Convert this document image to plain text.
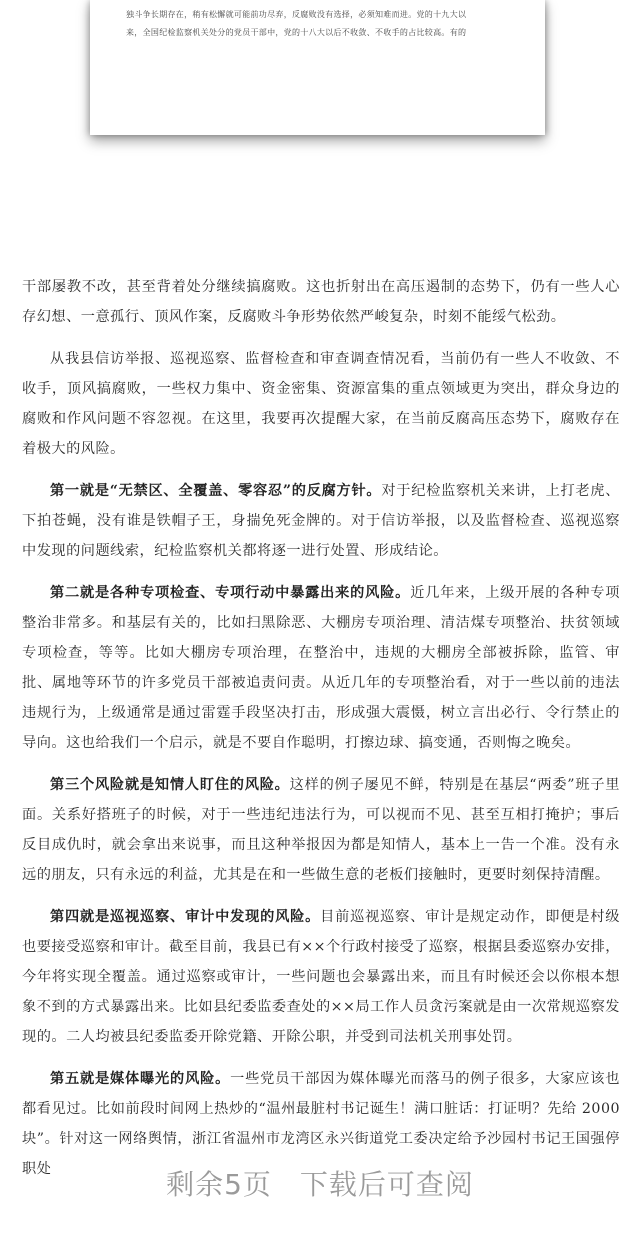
独斗争长期存在，稍有松懈就可能前功尽弃，反腐败没有选择，必须知难而进。党的十九大以

来，全国纪检监察机关处分的党员干部中，党的十八大以后不收敛、不收手的占比较高。有的

干部屡教不改，甚至背着处分继续搞腐败。这也折射出在高压遏制的态势下，仍有一些人心存幻想、一意孤行、顶风作案，反腐败斗争形势依然严峻复杂，时刻不能绥气松劲。

从我县信访举报、巡视巡察、监督检查和审查调查情况看，当前仍有一些人不收敛、不收手，顶风搞腐败，一些权力集中、资金密集、资源富集的重点领域更为突出，群众身边的腐败和作风问题不容忽视。在这里，我要再次提醒大家，在当前反腐高压态势下，腐败存在着极大的风险。

第一就是“无禁区、全覆盖、零容忍”的反腐方针。对于纪检监察机关来讲，上打老虎、下拍苍蝇，没有谁是铁帽子王，身揣免死金牌的。对于信访举报，以及监督检查、巡视巡察中发现的问题线索，纪检监察机关都将逐一进行处置、形成结论。

第二就是各种专项检查、专项行动中暴露出来的风险。近几年来，上级开展的各种专项整治非常多。和基层有关的，比如扫黑除恶、大棚房专项治理、清洁煤专项整治、扶贫领域专项检查，等等。比如大棚房专项治理，在整治中，违规的大棚房全部被拆除，监管、审批、属地等环节的许多党员干部被追责问责。从近几年的专项整治看，对于一些以前的违法违规行为，上级通常是通过雷霆手段坚决打击，形成强大震慑，树立言出必行、令行禁止的导向。这也给我们一个启示，就是不要自作聪明，打擦边球、搞变通，否则悔之晚矣。

第三个风险就是知情人盯住的风险。这样的例子屡见不鲜，特别是在基层“两委”班子里面。关系好搭班子的时候，对于一些违纪违法行为，可以视而不见、甚至互相打掩护；事后反目成仇时，就会拿出来说事，而且这种举报因为都是知情人，基本上一告一个准。没有永远的朋友，只有永远的利益，尤其是在和一些做生意的老板们接触时，更要时刻保持清醒。

第四就是巡视巡察、审计中发现的风险。目前巡视巡察、审计是规定动作，即便是村级也要接受巡察和审计。截至目前，我县已有××个行政村接受了巡察，根据县委巡察办安排，今年将实现全覆盖。通过巡察或审计，一些问题也会暴露出来，而且有时候还会以你根本想象不到的方式暴露出来。比如县纪委监委查处的××局工作人员贪污案就是由一次常规巡察发现的。二人均被县纪委监委开除党籍、开除公职，并受到司法机关刑事处罚。

第五就是媒体曝光的风险。一些党员干部因为媒体曝光而落马的例子很多，大家应该也都看见过。比如前段时间网上热炒的“温州最脏村书记诞生！满口脏话：打证明？先给 2000 块”。针对这一网络舆情，浙江省温州市龙湾区永兴街道党工委决定给予沙园村书记王国强停职处	剩余5页 下载后可查阅
